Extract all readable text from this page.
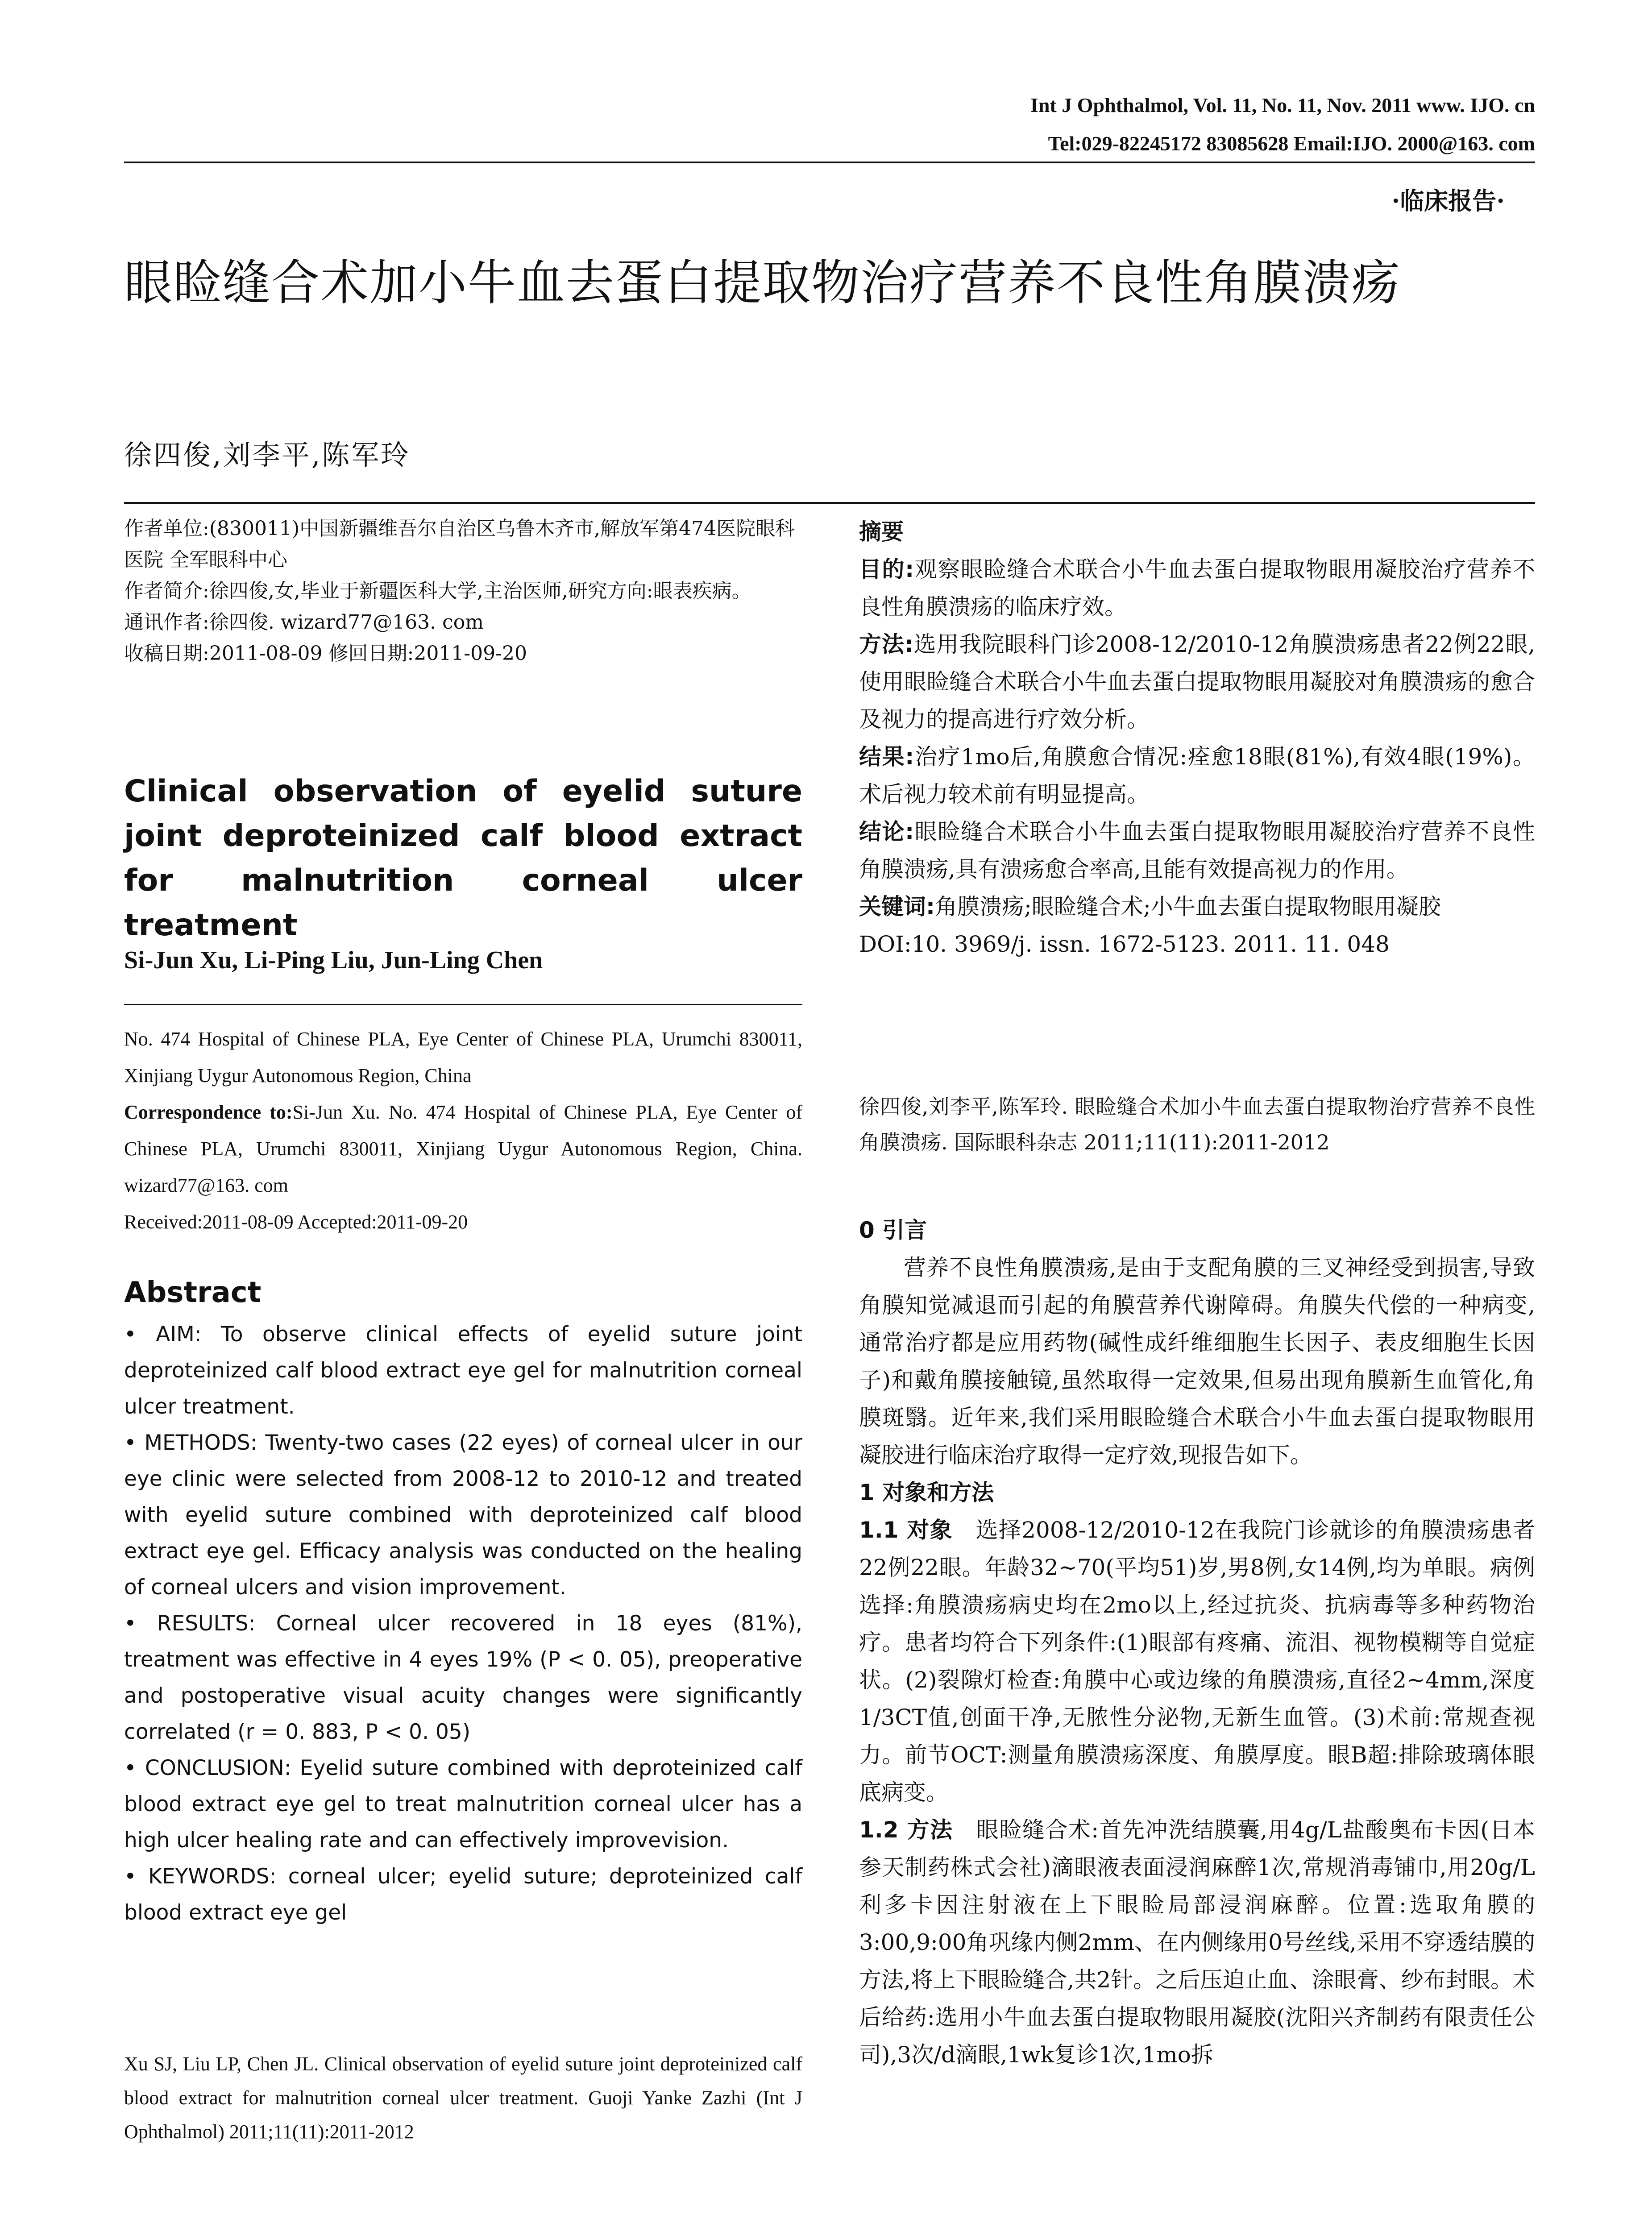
Int J Ophthalmol, Vol. 11, No. 11, Nov. 2011 www. IJO. cn
Tel:029-82245172 83085628 Email:IJO. 2000@163. com
·临床报告·
眼睑缝合术加小牛血去蛋白提取物治疗营养不良性角膜溃疡
徐四俊,刘李平,陈军玲

作者单位:(830011)中国新疆维吾尔自治区乌鲁木齐市,解放军第474医院眼科医院 全军眼科中心

作者简介:徐四俊,女,毕业于新疆医科大学,主治医师,研究方向:眼表疾病。

通讯作者:徐四俊. wizard77@163. com

收稿日期:2011-08-09 修回日期:2011-09-20

Clinical observation of eyelid suture joint deproteinized calf blood extract for malnutrition corneal ulcer treatment
Si-Jun Xu, Li-Ping Liu, Jun-Ling Chen

No. 474 Hospital of Chinese PLA, Eye Center of Chinese PLA, Urumchi 830011, Xinjiang Uygur Autonomous Region, China

Correspondence to:Si-Jun Xu. No. 474 Hospital of Chinese PLA, Eye Center of Chinese PLA, Urumchi 830011, Xinjiang Uygur Autonomous Region, China. wizard77@163. com

Received:2011-08-09 Accepted:2011-09-20

Abstract

• AIM: To observe clinical effects of eyelid suture joint deproteinized calf blood extract eye gel for malnutrition corneal ulcer treatment.

• METHODS: Twenty-two cases (22 eyes) of corneal ulcer in our eye clinic were selected from 2008-12 to 2010-12 and treated with eyelid suture combined with deproteinized calf blood extract eye gel. Efficacy analysis was conducted on the healing of corneal ulcers and vision improvement.

• RESULTS: Corneal ulcer recovered in 18 eyes (81%), treatment was effective in 4 eyes 19% (P < 0. 05), preoperative and postoperative visual acuity changes were significantly correlated (r = 0. 883, P < 0. 05)

• CONCLUSION: Eyelid suture combined with deproteinized calf blood extract eye gel to treat malnutrition corneal ulcer has a high ulcer healing rate and can effectively improvevision.

• KEYWORDS: corneal ulcer; eyelid suture; deproteinized calf blood extract eye gel

Xu SJ, Liu LP, Chen JL. Clinical observation of eyelid suture joint deproteinized calf blood extract for malnutrition corneal ulcer treatment. Guoji Yanke Zazhi (Int J Ophthalmol) 2011;11(11):2011-2012

摘要

目的:观察眼睑缝合术联合小牛血去蛋白提取物眼用凝胶治疗营养不良性角膜溃疡的临床疗效。

方法:选用我院眼科门诊2008-12/2010-12角膜溃疡患者22例22眼,使用眼睑缝合术联合小牛血去蛋白提取物眼用凝胶对角膜溃疡的愈合及视力的提高进行疗效分析。

结果:治疗1mo后,角膜愈合情况:痊愈18眼(81%),有效4眼(19%)。术后视力较术前有明显提高。

结论:眼睑缝合术联合小牛血去蛋白提取物眼用凝胶治疗营养不良性角膜溃疡,具有溃疡愈合率高,且能有效提高视力的作用。

关键词:角膜溃疡;眼睑缝合术;小牛血去蛋白提取物眼用凝胶

DOI:10. 3969/j. issn. 1672-5123. 2011. 11. 048

徐四俊,刘李平,陈军玲. 眼睑缝合术加小牛血去蛋白提取物治疗营养不良性角膜溃疡. 国际眼科杂志 2011;11(11):2011-2012

0 引言

营养不良性角膜溃疡,是由于支配角膜的三叉神经受到损害,导致角膜知觉减退而引起的角膜营养代谢障碍。角膜失代偿的一种病变,通常治疗都是应用药物(碱性成纤维细胞生长因子、表皮细胞生长因子)和戴角膜接触镜,虽然取得一定效果,但易出现角膜新生血管化,角膜斑翳。近年来,我们采用眼睑缝合术联合小牛血去蛋白提取物眼用凝胶进行临床治疗取得一定疗效,现报告如下。

1 对象和方法

1.1 对象 选择2008-12/2010-12在我院门诊就诊的角膜溃疡患者22例22眼。年龄32~70(平均51)岁,男8例,女14例,均为单眼。病例选择:角膜溃疡病史均在2mo以上,经过抗炎、抗病毒等多种药物治疗。患者均符合下列条件:(1)眼部有疼痛、流泪、视物模糊等自觉症状。(2)裂隙灯检查:角膜中心或边缘的角膜溃疡,直径2~4mm,深度1/3CT值,创面干净,无脓性分泌物,无新生血管。(3)术前:常规查视力。前节OCT:测量角膜溃疡深度、角膜厚度。眼B超:排除玻璃体眼底病变。

1.2 方法 眼睑缝合术:首先冲洗结膜囊,用4g/L盐酸奥布卡因(日本参天制药株式会社)滴眼液表面浸润麻醉1次,常规消毒铺巾,用20g/L利多卡因注射液在上下眼睑局部浸润麻醉。位置:选取角膜的3:00,9:00角巩缘内侧2mm、在内侧缘用0号丝线,采用不穿透结膜的方法,将上下眼睑缝合,共2针。之后压迫止血、涂眼膏、纱布封眼。术后给药:选用小牛血去蛋白提取物眼用凝胶(沈阳兴齐制药有限责任公司),3次/d滴眼,1wk复诊1次,1mo拆
